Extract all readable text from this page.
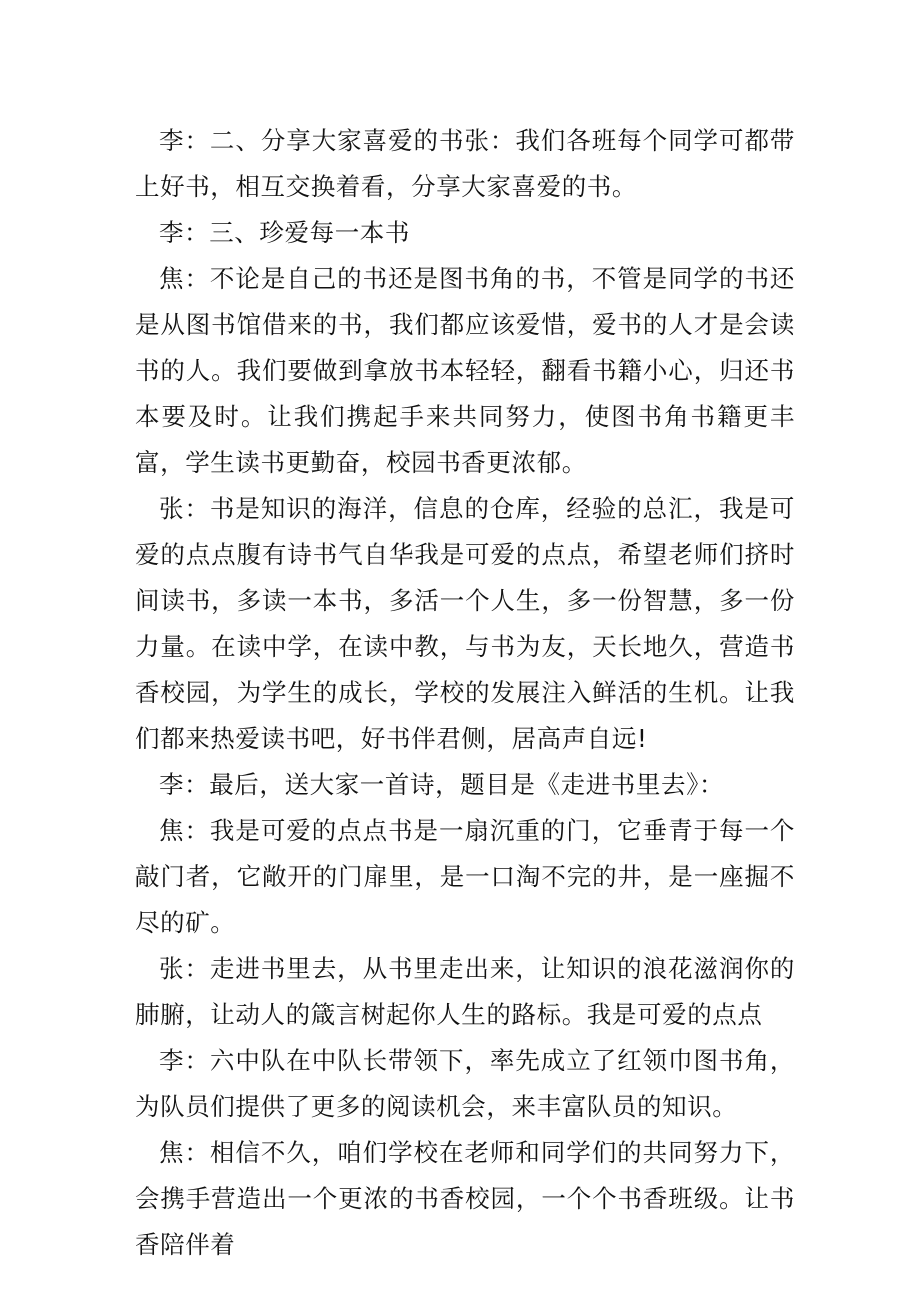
李：二、分享大家喜爱的书张：我们各班每个同学可都带上好书，相互交换着看，分享大家喜爱的书。

李：三、珍爱每一本书

焦：不论是自己的书还是图书角的书，不管是同学的书还是从图书馆借来的书，我们都应该爱惜，爱书的人才是会读书的人。我们要做到拿放书本轻轻，翻看书籍小心，归还书本要及时。让我们携起手来共同努力，使图书角书籍更丰富，学生读书更勤奋，校园书香更浓郁。

张：书是知识的海洋，信息的仓库，经验的总汇，我是可爱的点点腹有诗书气自华我是可爱的点点，希望老师们挤时间读书，多读一本书，多活一个人生，多一份智慧，多一份力量。在读中学，在读中教，与书为友，天长地久，营造书香校园，为学生的成长，学校的发展注入鲜活的生机。让我们都来热爱读书吧，好书伴君侧，居高声自远!

李：最后，送大家一首诗，题目是《走进书里去》：

焦：我是可爱的点点书是一扇沉重的门，它垂青于每一个敲门者，它敞开的门扉里，是一口淘不完的井，是一座掘不尽的矿。

张：走进书里去，从书里走出来，让知识的浪花滋润你的肺腑，让动人的箴言树起你人生的路标。我是可爱的点点

李：六中队在中队长带领下，率先成立了红领巾图书角，为队员们提供了更多的阅读机会，来丰富队员的知识。

焦：相信不久，咱们学校在老师和同学们的共同努力下，会携手营造出一个更浓的书香校园，一个个书香班级。让书香陪伴着
